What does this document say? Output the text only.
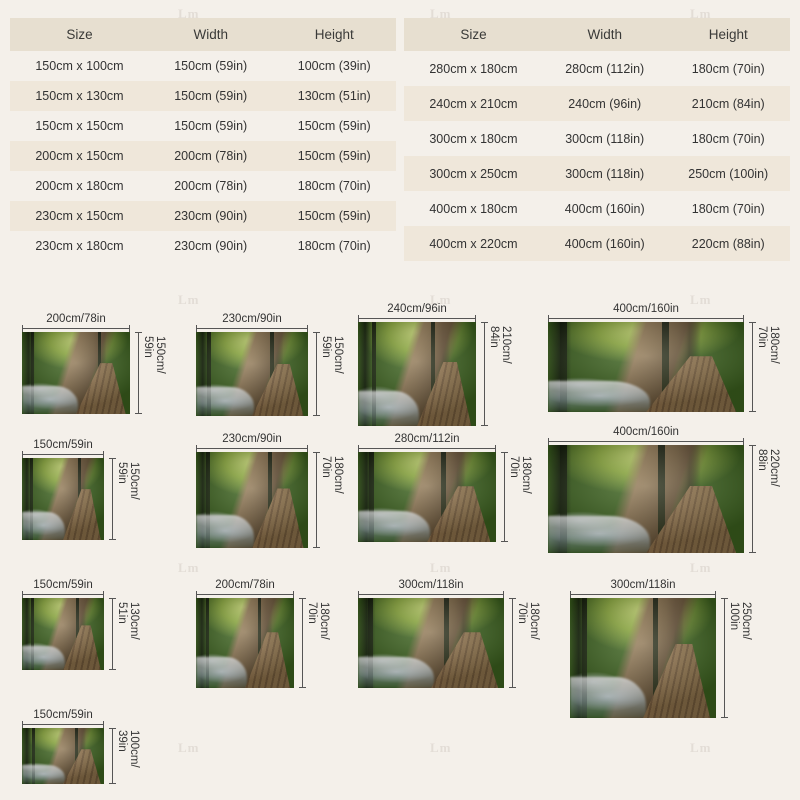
Lm	Lm	Lm
Lm	Lm	Lm
Lm	Lm	Lm
Lm	Lm	Lm
Size	Width	Height
150cm x 100cm	150cm (59in)	100cm (39in)
150cm x 130cm	150cm (59in)	130cm (51in)
150cm x 150cm	150cm (59in)	150cm (59in)
200cm x 150cm	200cm (78in)	150cm (59in)
200cm x 180cm	200cm (78in)	180cm (70in)
230cm x 150cm	230cm (90in)	150cm (59in)
230cm x 180cm	230cm (90in)	180cm (70in)
Size	Width	Height
280cm x 180cm	280cm (112in)	180cm (70in)
240cm x 210cm	240cm (96in)	210cm (84in)
300cm x 180cm	300cm (118in)	180cm (70in)
300cm x 250cm	300cm (118in)	250cm (100in)
400cm x 180cm	400cm (160in)	180cm (70in)
400cm x 220cm	400cm (160in)	220cm (88in)
200cm/78in
150cm/
59in
230cm/90in
150cm/
59in
240cm/96in
210cm/
84in
400cm/160in
180cm/
70in
150cm/59in
150cm/
59in
230cm/90in
180cm/
70in
280cm/112in
180cm/
70in
400cm/160in
220cm/
88in
150cm/59in
130cm/
51in
200cm/78in
180cm/
70in
300cm/118in
180cm/
70in
300cm/118in
250cm/
100in
150cm/59in
100cm/
39in
